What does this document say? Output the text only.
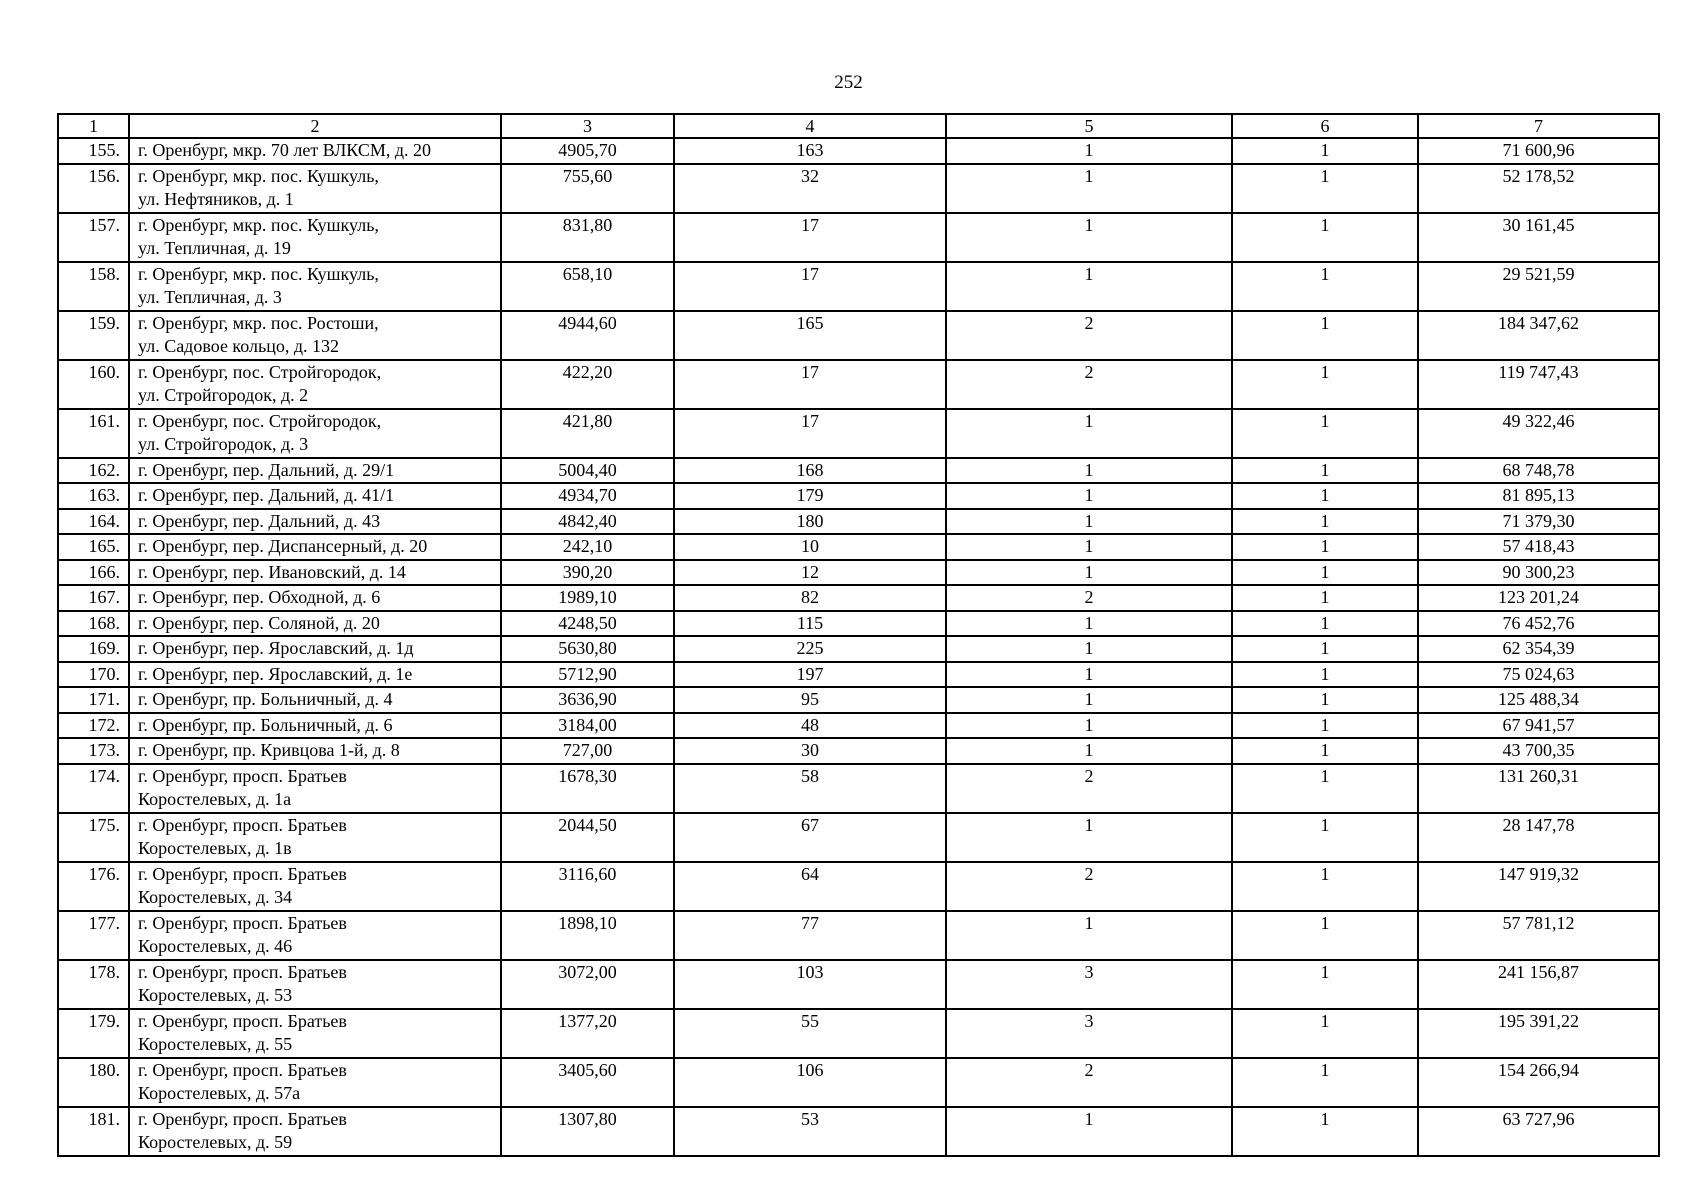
252
1	2	3	4	5	6	7
155.	г. Оренбург, мкр. 70 лет ВЛКСМ, д. 20	4905,70	163	1	1	71 600,96
156.	г. Оренбург, мкр. пос. Кушкуль,
ул. Нефтяников, д. 1	755,60	32	1	1	52 178,52
157.	г. Оренбург, мкр. пос. Кушкуль,
ул. Тепличная, д. 19	831,80	17	1	1	30 161,45
158.	г. Оренбург, мкр. пос. Кушкуль,
ул. Тепличная, д. 3	658,10	17	1	1	29 521,59
159.	г. Оренбург, мкр. пос. Ростоши,
ул. Садовое кольцо, д. 132	4944,60	165	2	1	184 347,62
160.	г. Оренбург, пос. Стройгородок,
ул. Стройгородок, д. 2	422,20	17	2	1	119 747,43
161.	г. Оренбург, пос. Стройгородок,
ул. Стройгородок, д. 3	421,80	17	1	1	49 322,46
162.	г. Оренбург, пер. Дальний, д. 29/1	5004,40	168	1	1	68 748,78
163.	г. Оренбург, пер. Дальний, д. 41/1	4934,70	179	1	1	81 895,13
164.	г. Оренбург, пер. Дальний, д. 43	4842,40	180	1	1	71 379,30
165.	г. Оренбург, пер. Диспансерный, д. 20	242,10	10	1	1	57 418,43
166.	г. Оренбург, пер. Ивановский, д. 14	390,20	12	1	1	90 300,23
167.	г. Оренбург, пер. Обходной, д. 6	1989,10	82	2	1	123 201,24
168.	г. Оренбург, пер. Соляной, д. 20	4248,50	115	1	1	76 452,76
169.	г. Оренбург, пер. Ярославский, д. 1д	5630,80	225	1	1	62 354,39
170.	г. Оренбург, пер. Ярославский, д. 1е	5712,90	197	1	1	75 024,63
171.	г. Оренбург, пр. Больничный, д. 4	3636,90	95	1	1	125 488,34
172.	г. Оренбург, пр. Больничный, д. 6	3184,00	48	1	1	67 941,57
173.	г. Оренбург, пр. Кривцова 1-й, д. 8	727,00	30	1	1	43 700,35
174.	г. Оренбург, просп. Братьев
Коростелевых, д. 1а	1678,30	58	2	1	131 260,31
175.	г. Оренбург, просп. Братьев
Коростелевых, д. 1в	2044,50	67	1	1	28 147,78
176.	г. Оренбург, просп. Братьев
Коростелевых, д. 34	3116,60	64	2	1	147 919,32
177.	г. Оренбург, просп. Братьев
Коростелевых, д. 46	1898,10	77	1	1	57 781,12
178.	г. Оренбург, просп. Братьев
Коростелевых, д. 53	3072,00	103	3	1	241 156,87
179.	г. Оренбург, просп. Братьев
Коростелевых, д. 55	1377,20	55	3	1	195 391,22
180.	г. Оренбург, просп. Братьев
Коростелевых, д. 57а	3405,60	106	2	1	154 266,94
181.	г. Оренбург, просп. Братьев
Коростелевых, д. 59	1307,80	53	1	1	63 727,96
